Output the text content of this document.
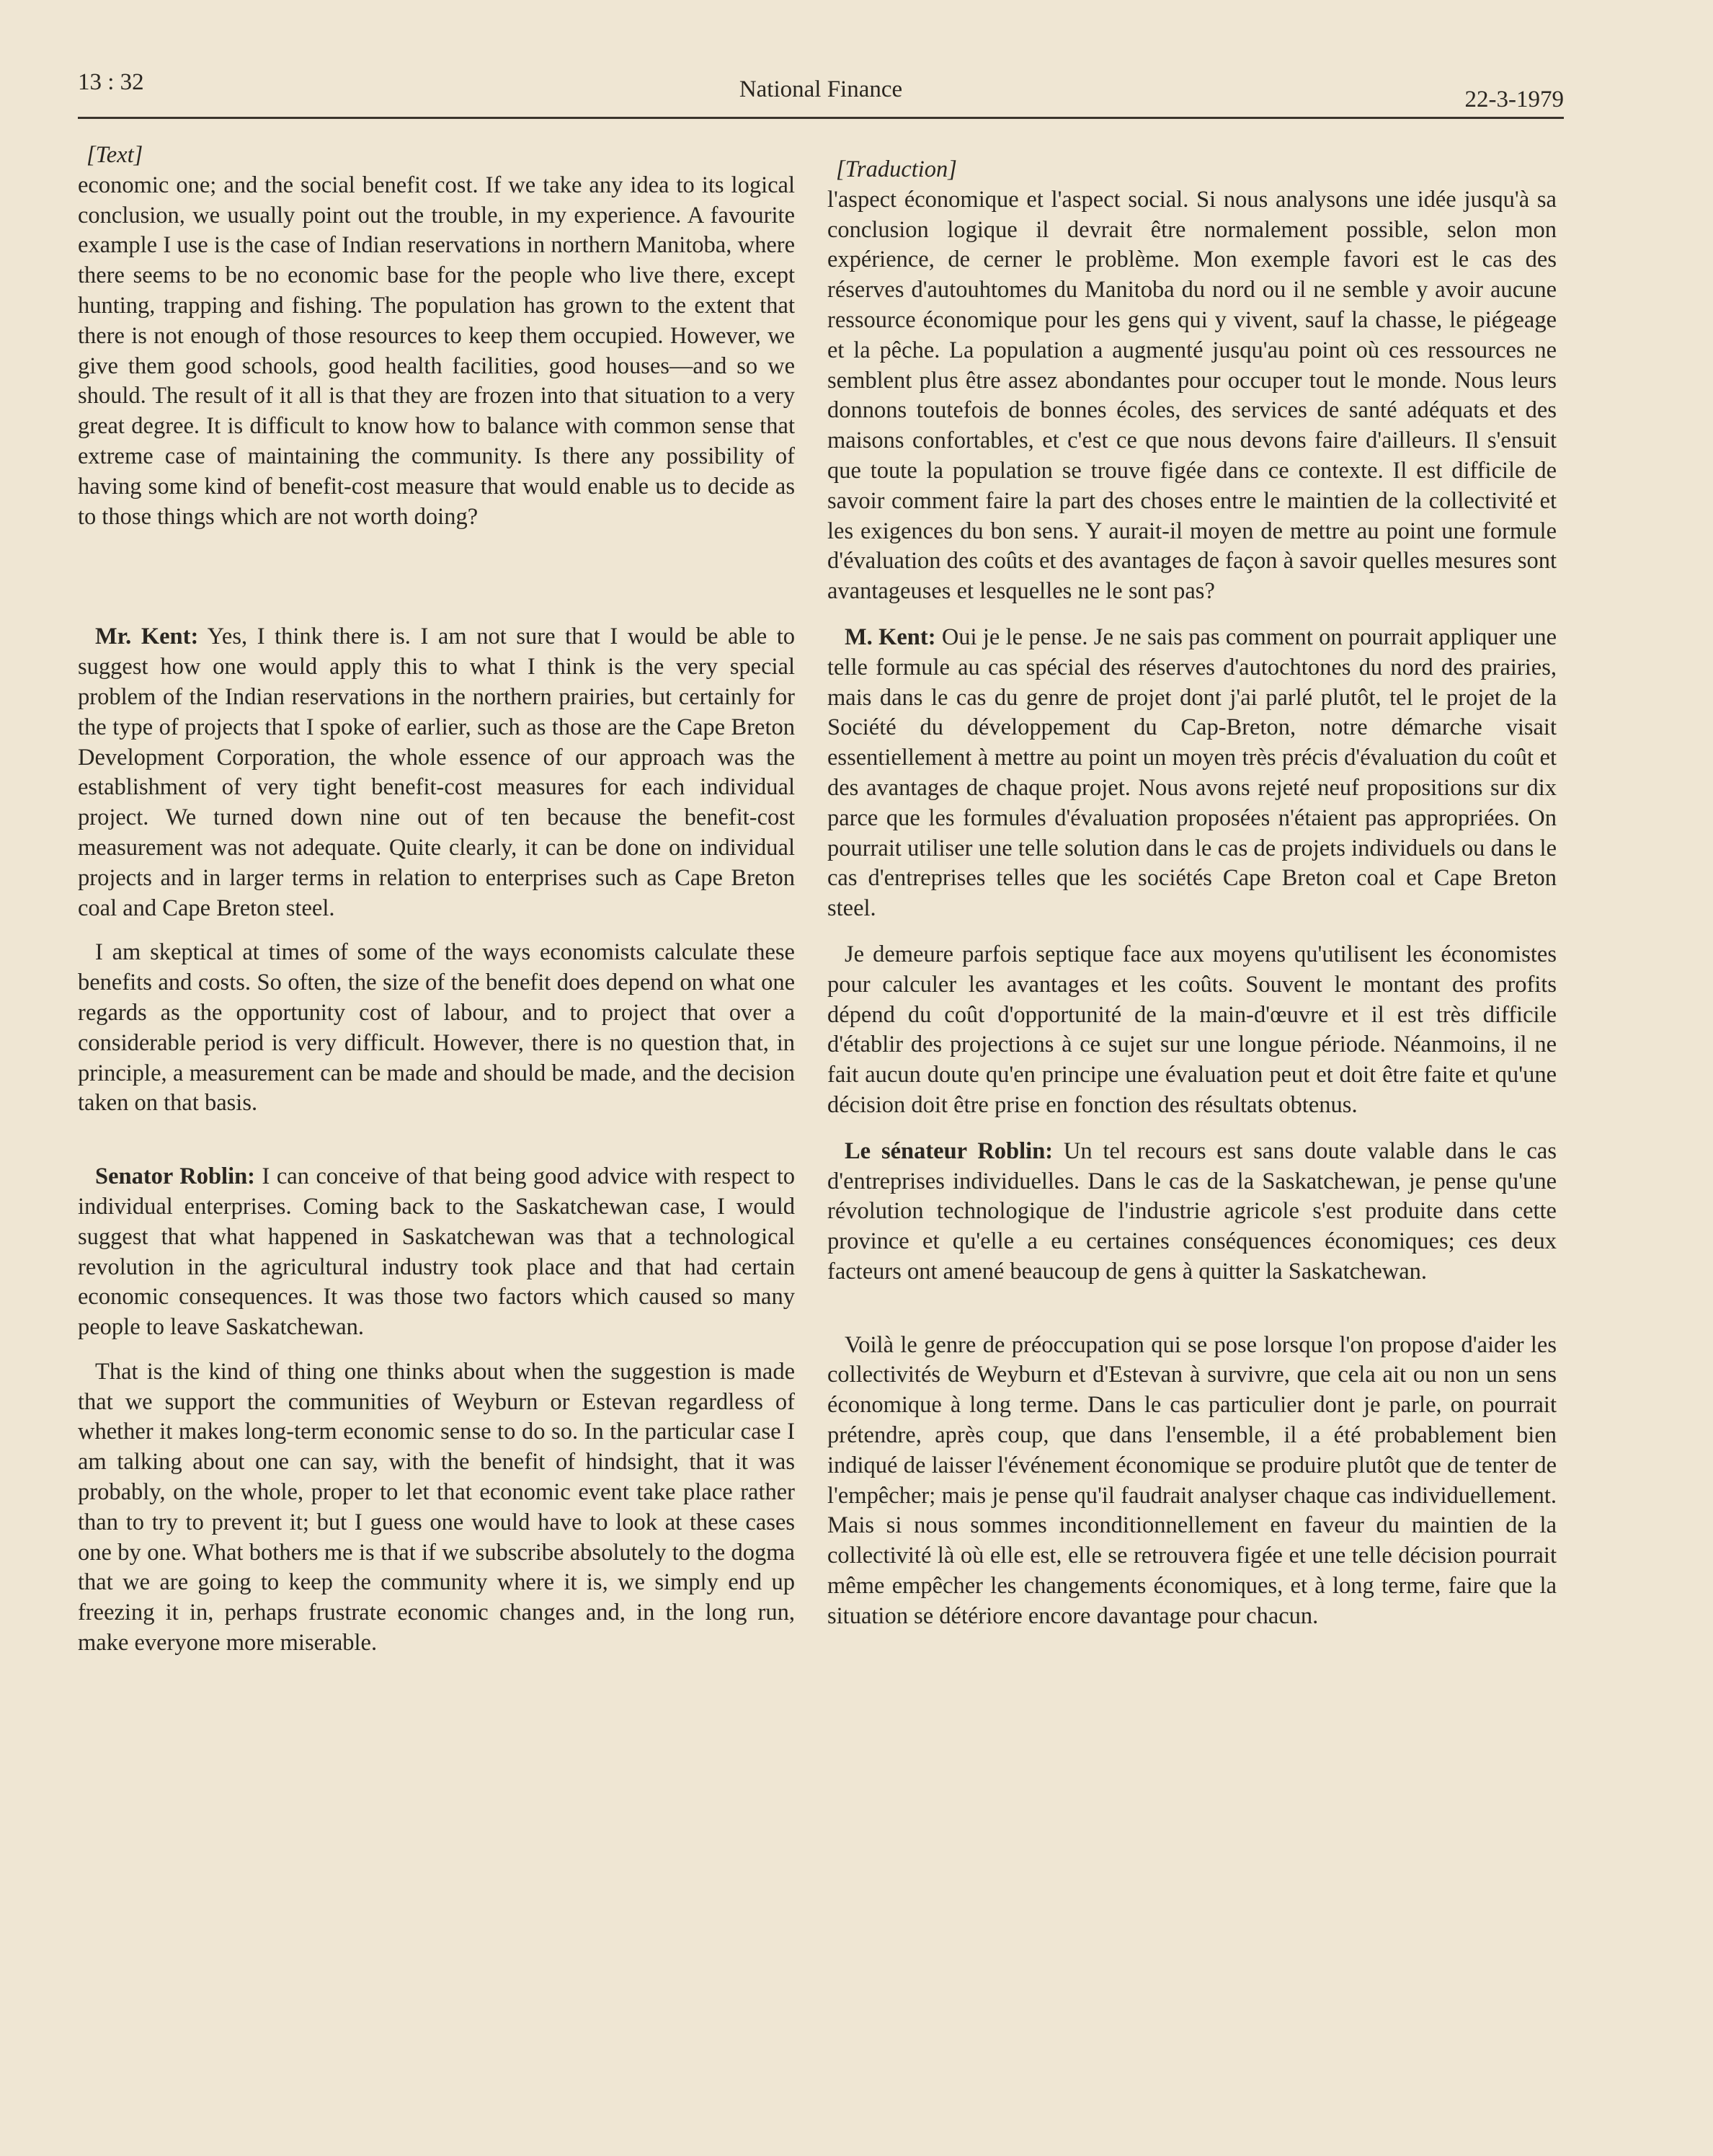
13 : 32	National Finance	22-3-1979

[Text]

economic one; and the social benefit cost. If we take any idea to its logical conclusion, we usually point out the trouble, in my experience. A favourite example I use is the case of Indian reservations in northern Manitoba, where there seems to be no economic base for the people who live there, except hunting, trapping and fishing. The population has grown to the extent that there is not enough of those resources to keep them occupied. However, we give them good schools, good health facilities, good houses—and so we should. The result of it all is that they are frozen into that situation to a very great degree. It is difficult to know how to balance with common sense that extreme case of maintaining the community. Is there any possibility of having some kind of benefit-cost measure that would enable us to decide as to those things which are not worth doing?

Mr. Kent: Yes, I think there is. I am not sure that I would be able to suggest how one would apply this to what I think is the very special problem of the Indian reservations in the northern prairies, but certainly for the type of projects that I spoke of earlier, such as those are the Cape Breton Development Corporation, the whole essence of our approach was the establishment of very tight benefit-cost measures for each individual project. We turned down nine out of ten because the benefit-cost measurement was not adequate. Quite clearly, it can be done on individual projects and in larger terms in relation to enterprises such as Cape Breton coal and Cape Breton steel.

I am skeptical at times of some of the ways economists calculate these benefits and costs. So often, the size of the benefit does depend on what one regards as the opportunity cost of labour, and to project that over a considerable period is very difficult. However, there is no question that, in principle, a measurement can be made and should be made, and the decision taken on that basis.

Senator Roblin: I can conceive of that being good advice with respect to individual enterprises. Coming back to the Saskatchewan case, I would suggest that what happened in Saskatchewan was that a technological revolution in the agricultural industry took place and that had certain economic consequences. It was those two factors which caused so many people to leave Saskatchewan.

That is the kind of thing one thinks about when the suggestion is made that we support the communities of Weyburn or Estevan regardless of whether it makes long-term economic sense to do so. In the particular case I am talking about one can say, with the benefit of hindsight, that it was probably, on the whole, proper to let that economic event take place rather than to try to prevent it; but I guess one would have to look at these cases one by one. What bothers me is that if we subscribe absolutely to the dogma that we are going to keep the community where it is, we simply end up freezing it in, perhaps frustrate economic changes and, in the long run, make everyone more miserable.

[Traduction]

l'aspect économique et l'aspect social. Si nous analysons une idée jusqu'à sa conclusion logique il devrait être normalement possible, selon mon expérience, de cerner le problème. Mon exemple favori est le cas des réserves d'autouhtomes du Manitoba du nord ou il ne semble y avoir aucune ressource économique pour les gens qui y vivent, sauf la chasse, le piégeage et la pêche. La population a augmenté jusqu'au point où ces ressources ne semblent plus être assez abondantes pour occuper tout le monde. Nous leurs donnons toutefois de bonnes écoles, des services de santé adéquats et des maisons confortables, et c'est ce que nous devons faire d'ailleurs. Il s'ensuit que toute la population se trouve figée dans ce contexte. Il est difficile de savoir comment faire la part des choses entre le maintien de la collectivité et les exigences du bon sens. Y aurait-il moyen de mettre au point une formule d'évaluation des coûts et des avantages de façon à savoir quelles mesures sont avantageuses et lesquelles ne le sont pas?

M. Kent: Oui je le pense. Je ne sais pas comment on pourrait appliquer une telle formule au cas spécial des réserves d'autochtones du nord des prairies, mais dans le cas du genre de projet dont j'ai parlé plutôt, tel le projet de la Société du développement du Cap-Breton, notre démarche visait essentiellement à mettre au point un moyen très précis d'évaluation du coût et des avantages de chaque projet. Nous avons rejeté neuf propositions sur dix parce que les formules d'évaluation proposées n'étaient pas appropriées. On pourrait utiliser une telle solution dans le cas de projets individuels ou dans le cas d'entreprises telles que les sociétés Cape Breton coal et Cape Breton steel.

Je demeure parfois septique face aux moyens qu'utilisent les économistes pour calculer les avantages et les coûts. Souvent le montant des profits dépend du coût d'opportunité de la main-d'œuvre et il est très difficile d'établir des projections à ce sujet sur une longue période. Néanmoins, il ne fait aucun doute qu'en principe une évaluation peut et doit être faite et qu'une décision doit être prise en fonction des résultats obtenus.

Le sénateur Roblin: Un tel recours est sans doute valable dans le cas d'entreprises individuelles. Dans le cas de la Saskatchewan, je pense qu'une révolution technologique de l'industrie agricole s'est produite dans cette province et qu'elle a eu certaines conséquences économiques; ces deux facteurs ont amené beaucoup de gens à quitter la Saskatchewan.

Voilà le genre de préoccupation qui se pose lorsque l'on propose d'aider les collectivités de Weyburn et d'Estevan à survivre, que cela ait ou non un sens économique à long terme. Dans le cas particulier dont je parle, on pourrait prétendre, après coup, que dans l'ensemble, il a été probablement bien indiqué de laisser l'événement économique se produire plutôt que de tenter de l'empêcher; mais je pense qu'il faudrait analyser chaque cas individuellement. Mais si nous sommes inconditionnellement en faveur du maintien de la collectivité là où elle est, elle se retrouvera figée et une telle décision pourrait même empêcher les changements économiques, et à long terme, faire que la situation se détériore encore davantage pour chacun.
